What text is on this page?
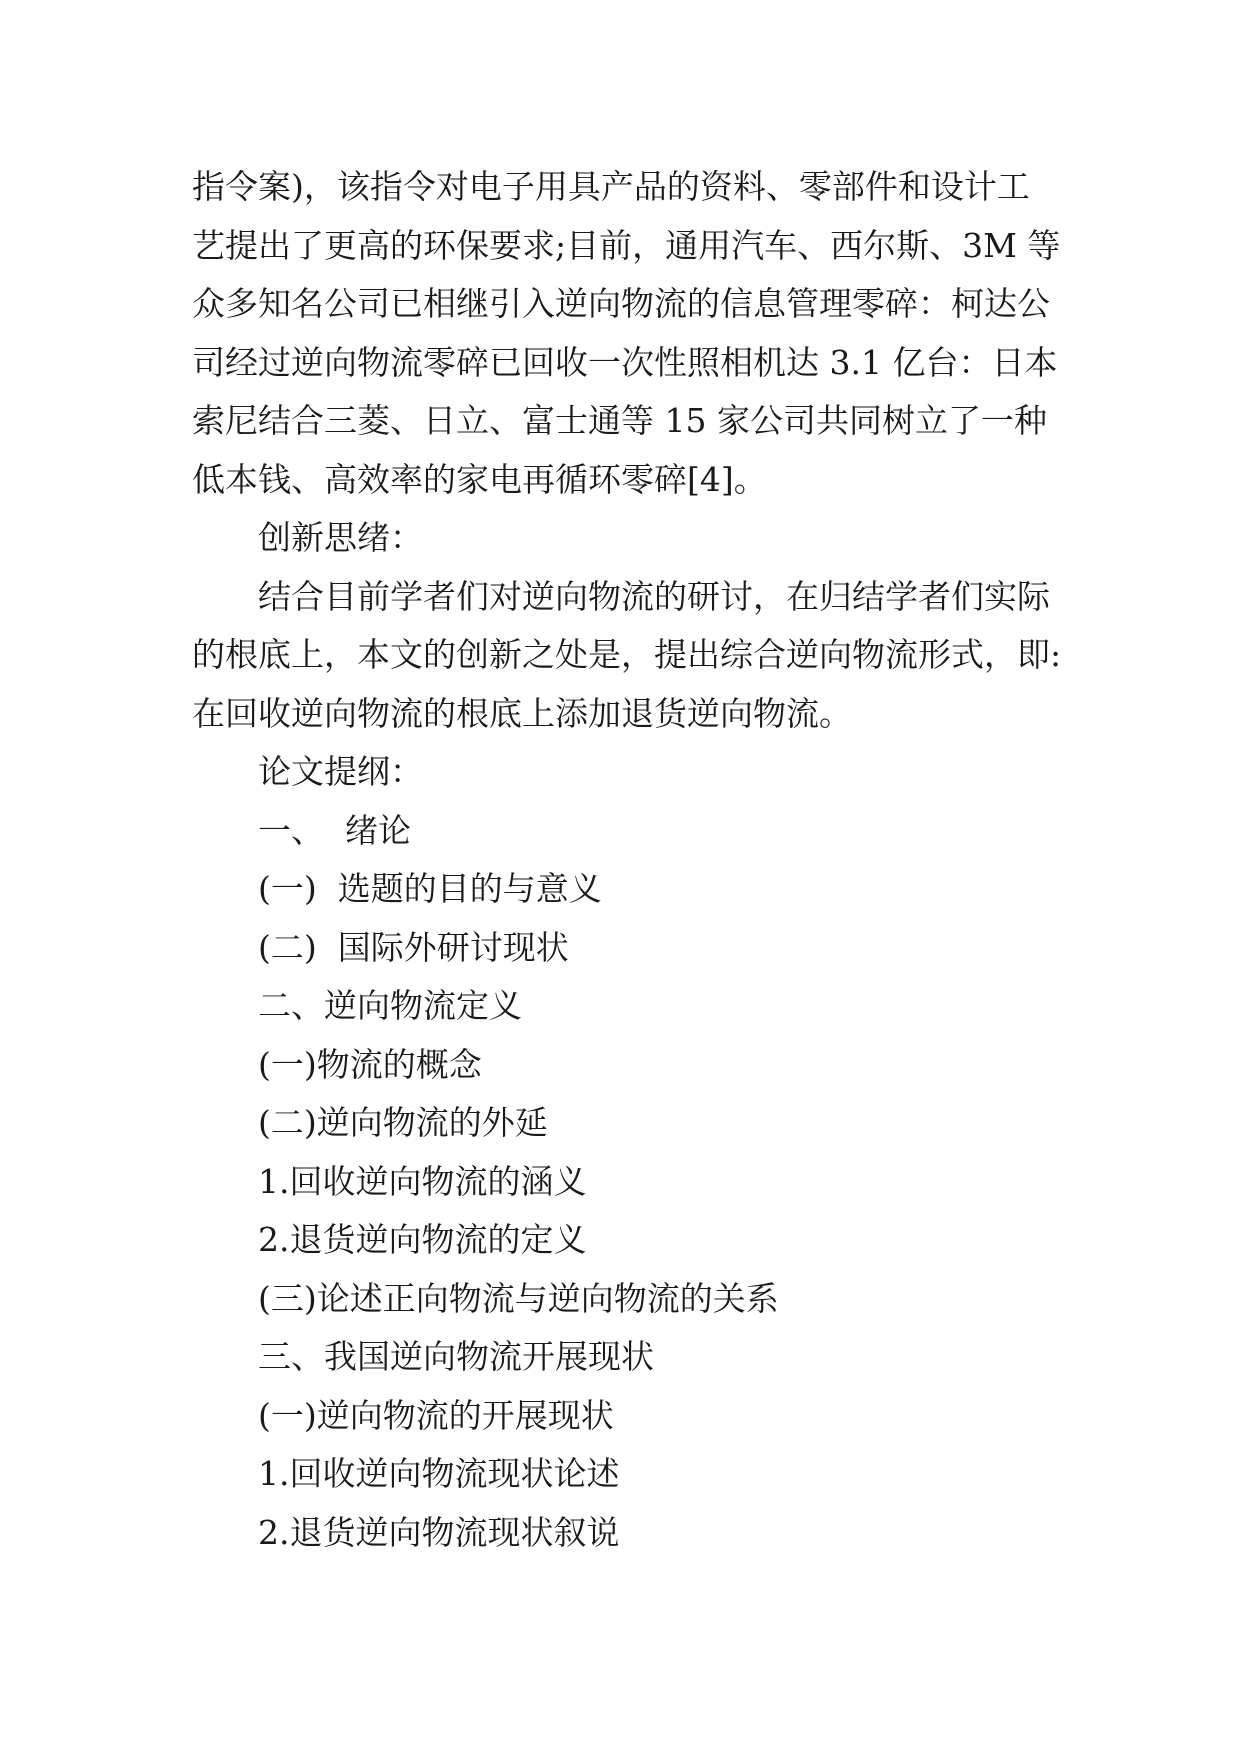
指令案)，该指令对电子用具产品的资料、零部件和设计工
艺提出了更高的环保要求;目前，通用汽车、西尔斯、3M 等
众多知名公司已相继引入逆向物流的信息管理零碎：柯达公
司经过逆向物流零碎已回收一次性照相机达 3.1 亿台：日本
索尼结合三菱、日立、富士通等 15 家公司共同树立了一种
低本钱、高效率的家电再循环零碎[4]。
创新思绪：
结合目前学者们对逆向物流的研讨，在归结学者们实际
的根底上，本文的创新之处是，提出综合逆向物流形式，即:
在回收逆向物流的根底上添加退货逆向物流。
论文提纲：
一、  绪论
(一)  选题的目的与意义
(二)  国际外研讨现状
二、逆向物流定义
(一)物流的概念
(二)逆向物流的外延
1.回收逆向物流的涵义
2.退货逆向物流的定义
(三)论述正向物流与逆向物流的关系
三、我国逆向物流开展现状
(一)逆向物流的开展现状
1.回收逆向物流现状论述
2.退货逆向物流现状叙说
